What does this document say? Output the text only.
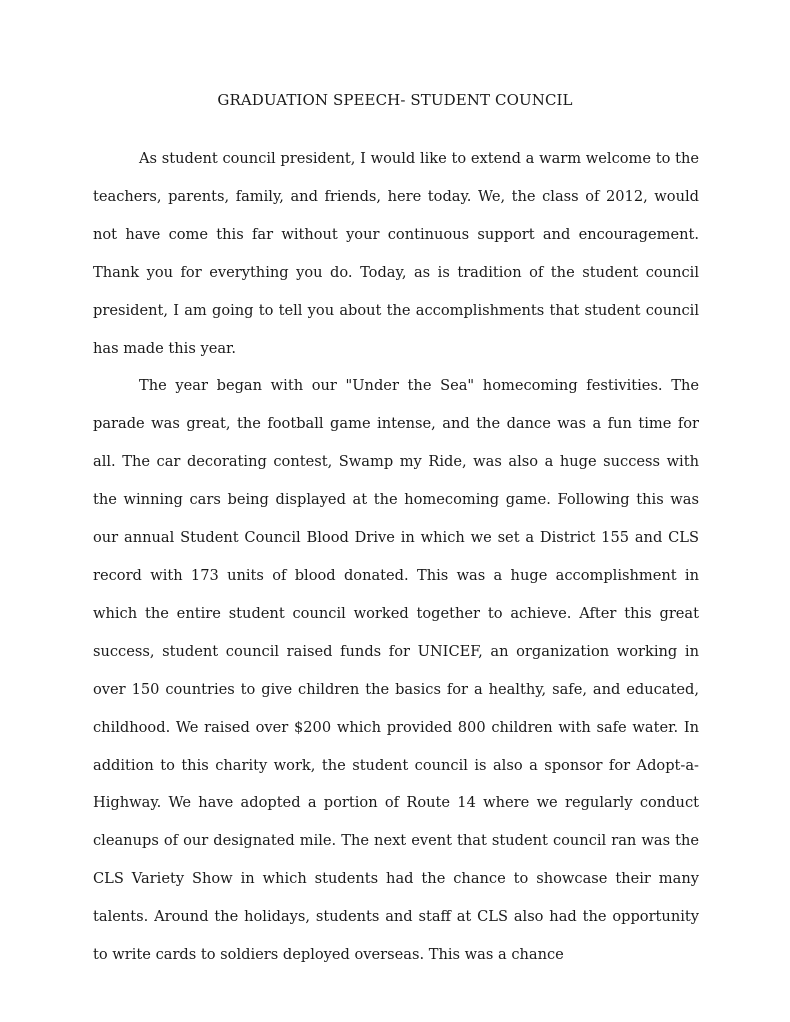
GRADUATION SPEECH- STUDENT COUNCIL

As student council president, I would like to extend a warm welcome to the teachers, parents, family, and friends, here today. We, the class of 2012, would not have come this far without your continuous support and encouragement. Thank you for everything you do. Today, as is tradition of the student council president, I am going to tell you about the accomplishments that student council has made this year.

The year began with our "Under the Sea" homecoming festivities. The parade was great, the football game intense, and the dance was a fun time for all. The car decorating contest, Swamp my Ride, was also a huge success with the winning cars being displayed at the homecoming game. Following this was our annual Student Council Blood Drive in which we set a District 155 and CLS record with 173 units of blood donated. This was a huge accomplishment in which the entire student council worked together to achieve. After this great success, student council raised funds for UNICEF, an organization working in over 150 countries to give children the basics for a healthy, safe, and educated, childhood. We raised over $200 which provided 800 children with safe water. In addition to this charity work, the student council is also a sponsor for Adopt-a-Highway. We have adopted a portion of Route 14 where we regularly conduct cleanups of our designated mile. The next event that student council ran was the CLS Variety Show in which students had the chance to showcase their many talents. Around the holidays, students and staff at CLS also had the opportunity to write cards to soldiers deployed overseas. This was a chance
